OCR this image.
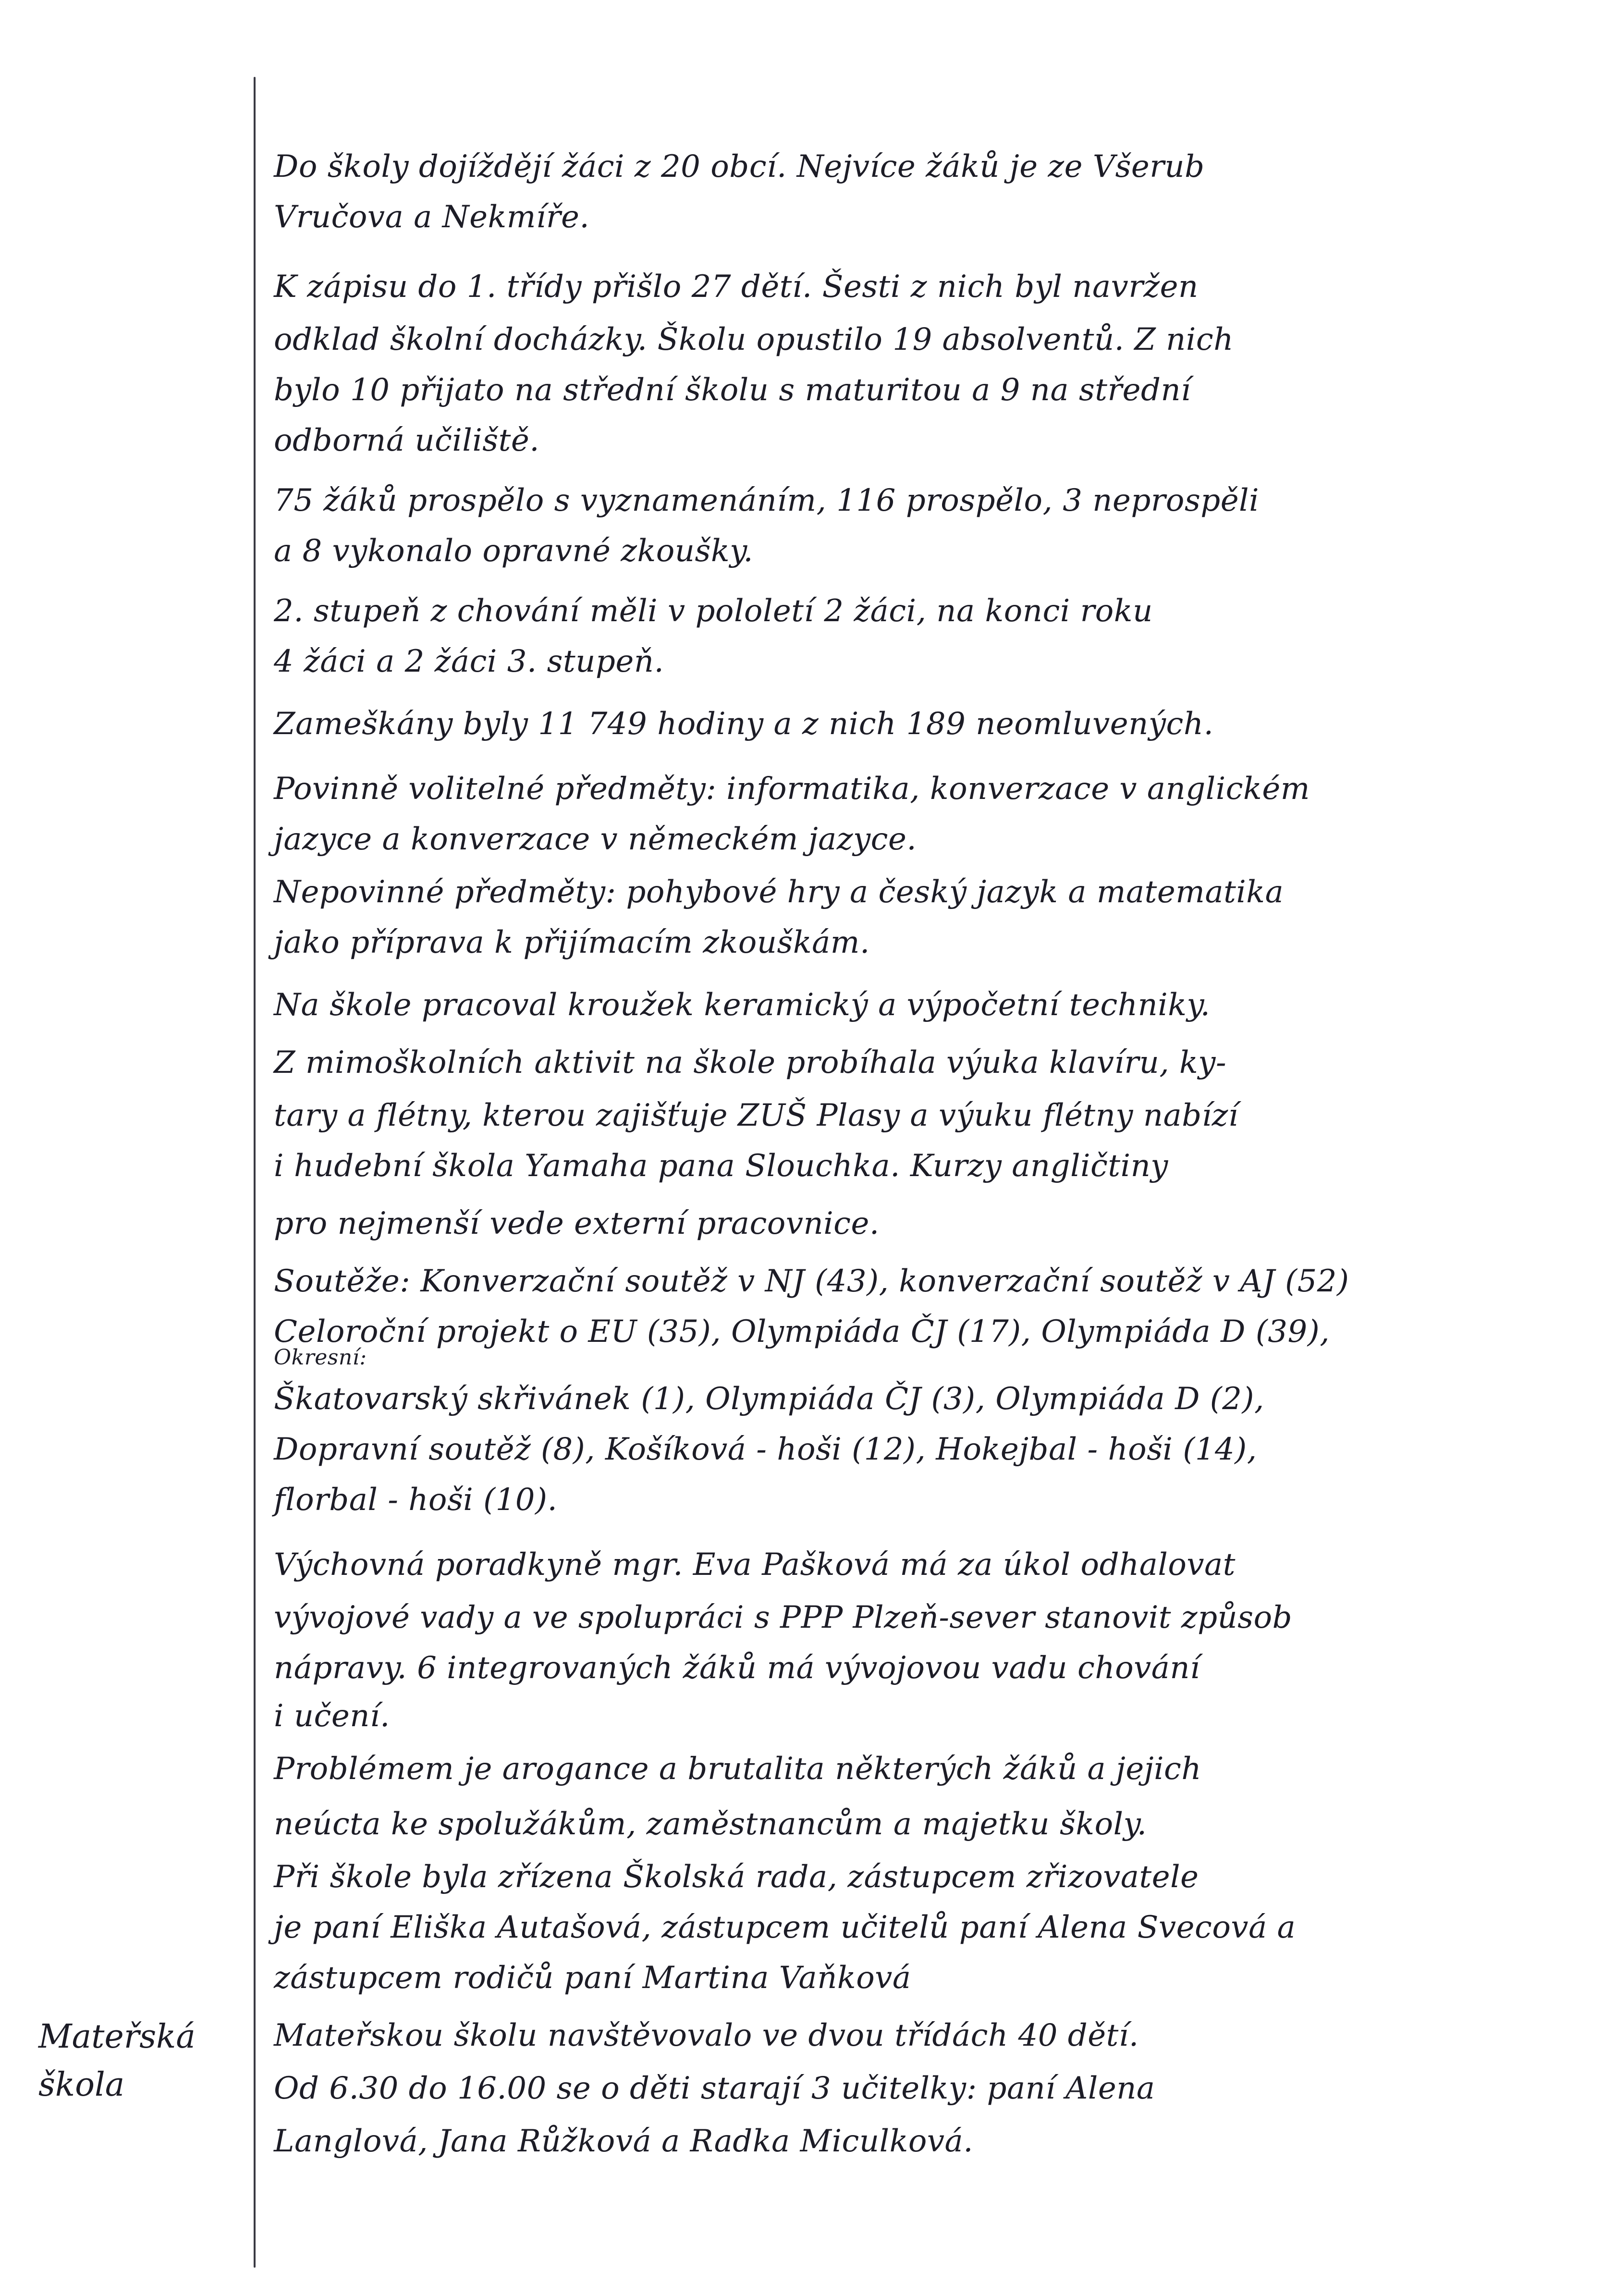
Mateřská
škola
Do školy dojíždějí žáci z 20 obcí. Nejvíce žáků je ze Všerub
Vručova a Nekmíře.
K zápisu do 1. třídy přišlo 27 dětí. Šesti z nich byl navržen
odklad školní docházky. Školu opustilo 19 absolventů. Z nich
bylo 10 přijato na střední školu s maturitou a 9 na střední
odborná učiliště.
75 žáků prospělo s vyznamenáním, 116 prospělo, 3 neprospěli
a 8 vykonalo opravné zkoušky.
2. stupeň z chování měli v pololetí 2 žáci, na konci roku
4 žáci a 2 žáci 3. stupeň.
Zameškány byly 11 749 hodiny a z nich 189 neomluvených.
Povinně volitelné předměty: informatika, konverzace v anglickém
jazyce a konverzace v německém jazyce.
Nepovinné předměty: pohybové hry a český jazyk a matematika
jako příprava k přijímacím zkouškám.
Na škole pracoval kroužek keramický a výpočetní techniky.
Z mimoškolních aktivit na škole probíhala výuka klavíru, ky-
tary a flétny, kterou zajišťuje ZUŠ Plasy a výuku flétny nabízí
i hudební škola Yamaha pana Slouchka. Kurzy angličtiny
pro nejmenší vede externí pracovnice.
Soutěže: Konverzační soutěž v NJ (43), konverzační soutěž v AJ (52)
Celoroční projekt o EU (35), Olympiáda ČJ (17), Olympiáda D (39),
Okresní:
Škatovarský skřivánek (1), Olympiáda ČJ (3), Olympiáda D (2),
Dopravní soutěž (8), Košíková - hoši (12), Hokejbal - hoši (14),
florbal - hoši (10).
Výchovná poradkyně mgr. Eva Pašková má za úkol odhalovat
vývojové vady a ve spolupráci s PPP Plzeň-sever stanovit způsob
nápravy. 6 integrovaných žáků má vývojovou vadu chování
i učení.
Problémem je arogance a brutalita některých žáků a jejich
neúcta ke spolužákům, zaměstnancům a majetku školy.
Při škole byla zřízena Školská rada, zástupcem zřizovatele
je paní Eliška Autašová, zástupcem učitelů paní Alena Svecová a
zástupcem rodičů paní Martina Vaňková
Mateřskou školu navštěvovalo ve dvou třídách 40 dětí.
Od 6.30 do 16.00 se o děti starají 3 učitelky: paní Alena
Langlová, Jana Růžková a Radka Miculková.
